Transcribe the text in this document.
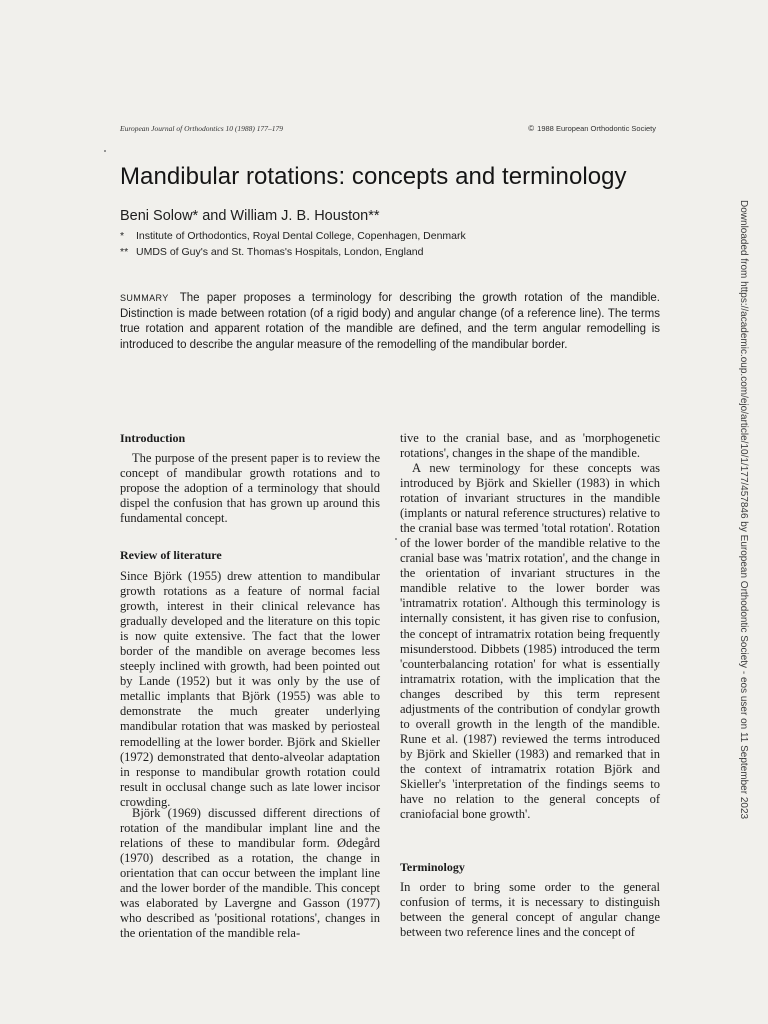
European Journal of Orthodontics 10 (1988) 177–179	© 1988 European Orthodontic Society
Mandibular rotations: concepts and terminology
Beni Solow* and William J. B. Houston**
* Institute of Orthodontics, Royal Dental College, Copenhagen, Denmark
** UMDS of Guy's and St. Thomas's Hospitals, London, England

SUMMARY The paper proposes a terminology for describing the growth rotation of the mandible. Distinction is made between rotation (of a rigid body) and angular change (of a reference line). The terms true rotation and apparent rotation of the mandible are defined, and the term angular remodelling is introduced to describe the angular measure of the remodelling of the mandibular border.

Introduction

The purpose of the present paper is to review the concept of mandibular growth rotations and to propose the adoption of a terminology that should dispel the confusion that has grown up around this fundamental concept.

Review of literature

Since Björk (1955) drew attention to mandibular growth rotations as a feature of normal facial growth, interest in their clinical relevance has gradually developed and the literature on this topic is now quite extensive. The fact that the lower border of the mandible on average becomes less steeply inclined with growth, had been pointed out by Lande (1952) but it was only by the use of metallic implants that Björk (1955) was able to demonstrate the much greater underlying mandibular rotation that was masked by periosteal remodelling at the lower border. Björk and Skieller (1972) demonstrated that dento-alveolar adaptation in response to mandibular growth rotation could result in occlusal change such as late lower incisor crowding.

Björk (1969) discussed different directions of rotation of the mandibular implant line and the relations of these to mandibular form. Ødegård (1970) described as a rotation, the change in orientation that can occur between the implant line and the lower border of the mandible. This concept was elaborated by Lavergne and Gasson (1977) who described as 'positional rotations', changes in the orientation of the mandible rela-

tive to the cranial base, and as 'morphogenetic rotations', changes in the shape of the mandible.

A new terminology for these concepts was introduced by Björk and Skieller (1983) in which rotation of invariant structures in the mandible (implants or natural reference structures) relative to the cranial base was termed 'total rotation'. Rotation of the lower border of the mandible relative to the cranial base was 'matrix rotation', and the change in the orientation of invariant structures in the mandible relative to the lower border was 'intramatrix rotation'. Although this terminology is internally consistent, it has given rise to confusion, the concept of intramatrix rotation being frequently misunderstood. Dibbets (1985) introduced the term 'counterbalancing rotation' for what is essentially intramatrix rotation, with the implication that the changes described by this term represent adjustments of the contribution of condylar growth to overall growth in the length of the mandible. Rune et al. (1987) reviewed the terms introduced by Björk and Skieller (1983) and remarked that in the context of intramatrix rotation Björk and Skieller's 'interpretation of the findings seems to have no relation to the general concepts of craniofacial bone growth'.

Terminology

In order to bring some order to the general confusion of terms, it is necessary to distinguish between the general concept of angular change between two reference lines and the concept of

Downloaded from https://academic.oup.com/ejo/article/10/1/177/457846 by European Orthodontic Society - eos user on 11 September 2023
